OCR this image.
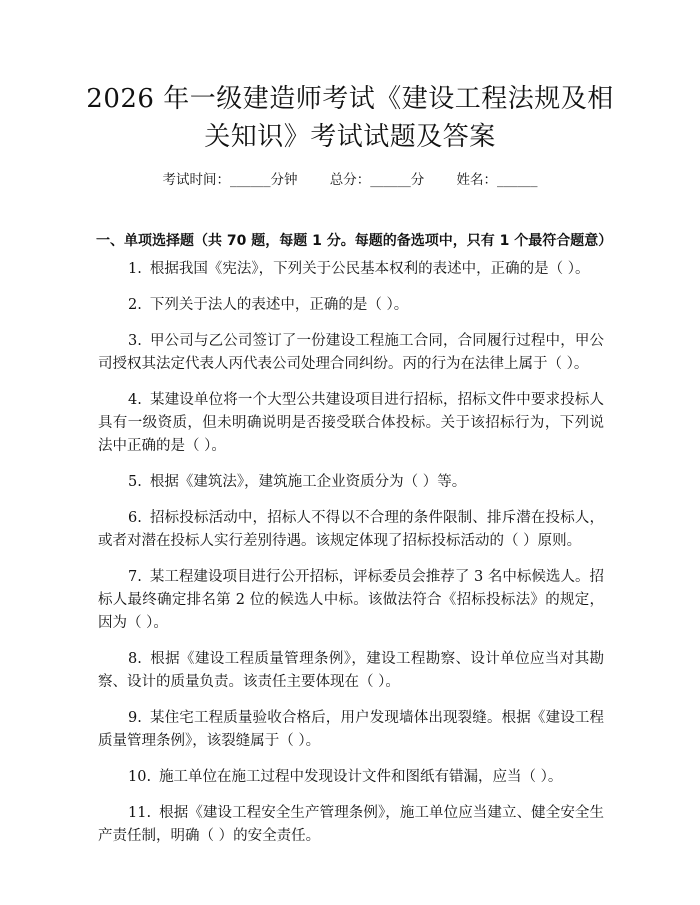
2026 年一级建造师考试《建设工程法规及相
关知识》考试试题及答案
考试时间：______分钟 总分：______分 姓名：______
一、单项选择题（共 70 题，每题 1 分。每题的备选项中，只有 1 个最符合题意）

1. 根据我国《宪法》，下列关于公民基本权利的表述中，正确的是（ ）。

2. 下列关于法人的表述中，正确的是（ ）。

3. 甲公司与乙公司签订了一份建设工程施工合同，合同履行过程中，甲公司授权其法定代表人丙代表公司处理合同纠纷。丙的行为在法律上属于（ ）。

4. 某建设单位将一个大型公共建设项目进行招标，招标文件中要求投标人具有一级资质，但未明确说明是否接受联合体投标。关于该招标行为，下列说法中正确的是（ ）。

5. 根据《建筑法》，建筑施工企业资质分为（ ）等。

6. 招标投标活动中，招标人不得以不合理的条件限制、排斥潜在投标人，或者对潜在投标人实行差别待遇。该规定体现了招标投标活动的（ ）原则。

7. 某工程建设项目进行公开招标，评标委员会推荐了 3 名中标候选人。招标人最终确定排名第 2 位的候选人中标。该做法符合《招标投标法》的规定，因为（ ）。

8. 根据《建设工程质量管理条例》，建设工程勘察、设计单位应当对其勘察、设计的质量负责。该责任主要体现在（ ）。

9. 某住宅工程质量验收合格后，用户发现墙体出现裂缝。根据《建设工程质量管理条例》，该裂缝属于（ ）。

10. 施工单位在施工过程中发现设计文件和图纸有错漏，应当（ ）。

11. 根据《建设工程安全生产管理条例》，施工单位应当建立、健全安全生产责任制，明确（ ）的安全责任。
